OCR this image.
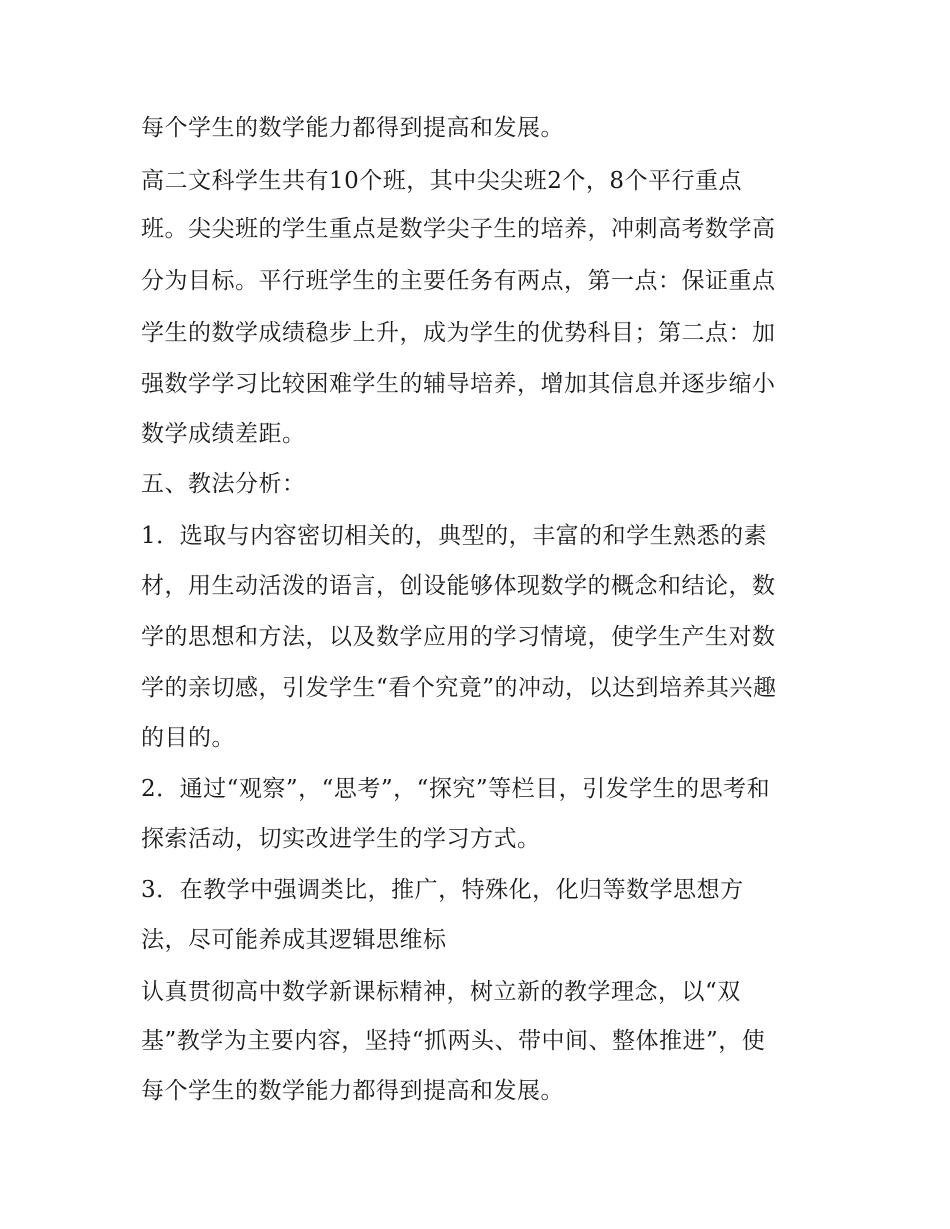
每个学生的数学能力都得到提高和发展。
高二文科学生共有10个班，其中尖尖班2个，8个平行重点
班。尖尖班的学生重点是数学尖子生的培养，冲刺高考数学高
分为目标。平行班学生的主要任务有两点，第一点：保证重点
学生的数学成绩稳步上升，成为学生的优势科目；第二点：加
强数学学习比较困难学生的辅导培养，增加其信息并逐步缩小
数学成绩差距。
五、教法分析：
1．选取与内容密切相关的，典型的，丰富的和学生熟悉的素
材，用生动活泼的语言，创设能够体现数学的概念和结论，数
学的思想和方法，以及数学应用的学习情境，使学生产生对数
学的亲切感，引发学生“看个究竟”的冲动，以达到培养其兴趣
的目的。
2．通过“观察”，“思考”，“探究”等栏目，引发学生的思考和
探索活动，切实改进学生的学习方式。
3．在教学中强调类比，推广，特殊化，化归等数学思想方
法，尽可能养成其逻辑思维标
认真贯彻高中数学新课标精神，树立新的教学理念，以“双
基”教学为主要内容，坚持“抓两头、带中间、整体推进”，使
每个学生的数学能力都得到提高和发展。
